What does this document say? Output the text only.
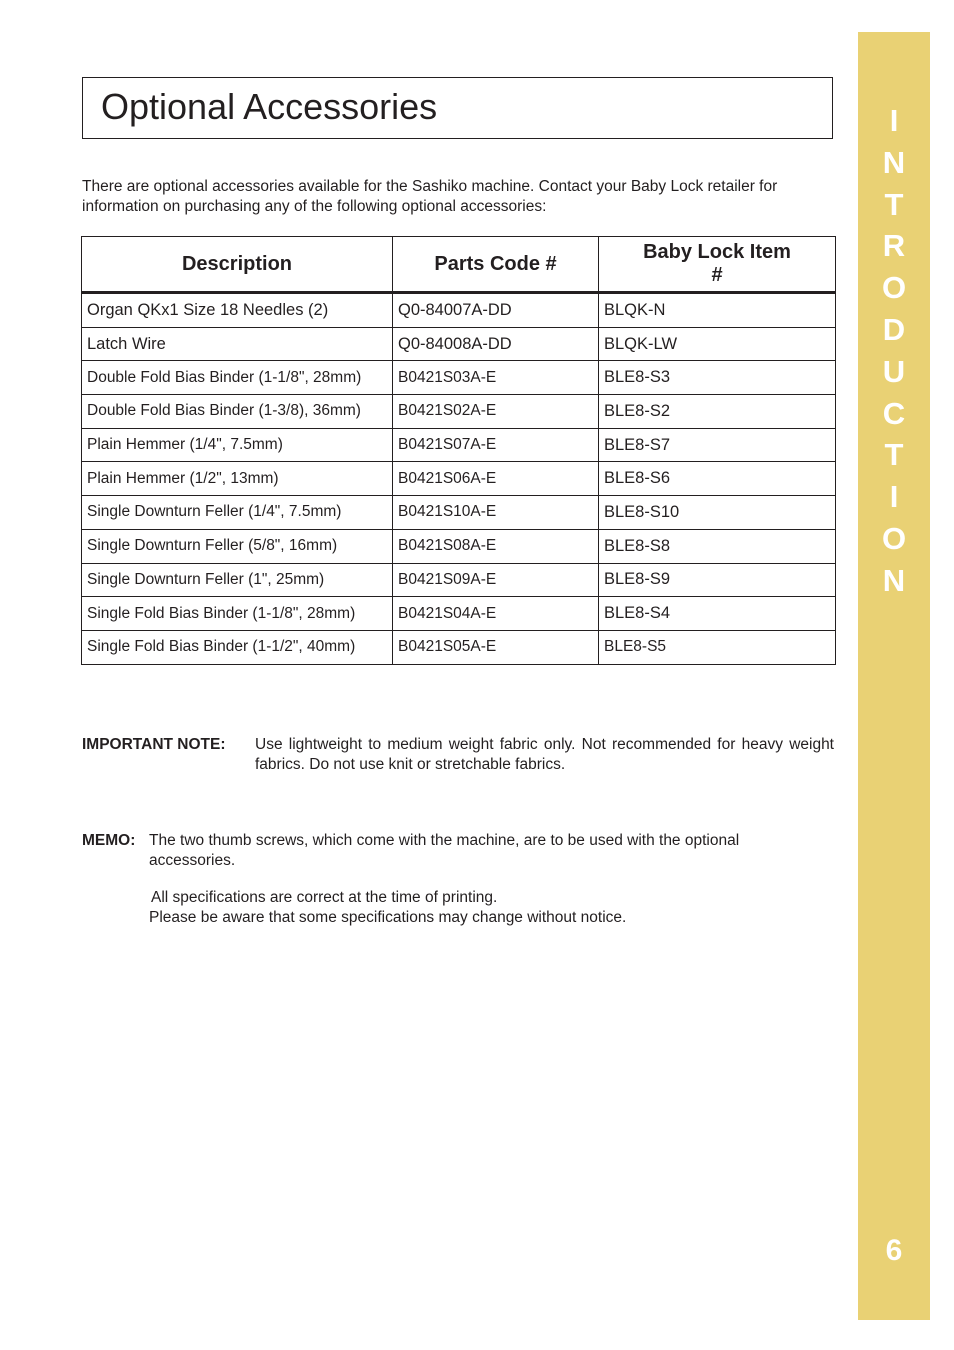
I
N
T
R
O
D
U
C
T
I
O
N
6
Optional Accessories

There are optional accessories available for the Sashiko machine. Contact your Baby Lock retailer for information on purchasing any of the following optional accessories:

Description	Parts Code #	Baby Lock Item #
Organ QKx1 Size 18 Needles (2)	Q0-84007A-DD	BLQK-N
Latch Wire	Q0-84008A-DD	BLQK-LW
Double Fold Bias Binder (1-1/8", 28mm)	B0421S03A-E	BLE8-S3
Double Fold Bias Binder (1-3/8), 36mm)	B0421S02A-E	BLE8-S2
Plain Hemmer (1/4", 7.5mm)	B0421S07A-E	BLE8-S7
Plain Hemmer (1/2", 13mm)	B0421S06A-E	BLE8-S6
Single Downturn Feller (1/4", 7.5mm)	B0421S10A-E	BLE8-S10
Single Downturn Feller (5/8", 16mm)	B0421S08A-E	BLE8-S8
Single Downturn Feller (1", 25mm)	B0421S09A-E	BLE8-S9
Single Fold Bias Binder (1-1/8", 28mm)	B0421S04A-E	BLE8-S4
Single Fold Bias Binder (1-1/2", 40mm)	B0421S05A-E	BLE8-S5
IMPORTANT NOTE: Use lightweight to medium weight fabric only. Not recommended for heavy weight fabrics. Do not use knit or stretchable fabrics.
MEMO: The two thumb screws, which come with the machine, are to be used with the optional accessories.
All specifications are correct at the time of printing.
Please be aware that some specifications may change without notice.
